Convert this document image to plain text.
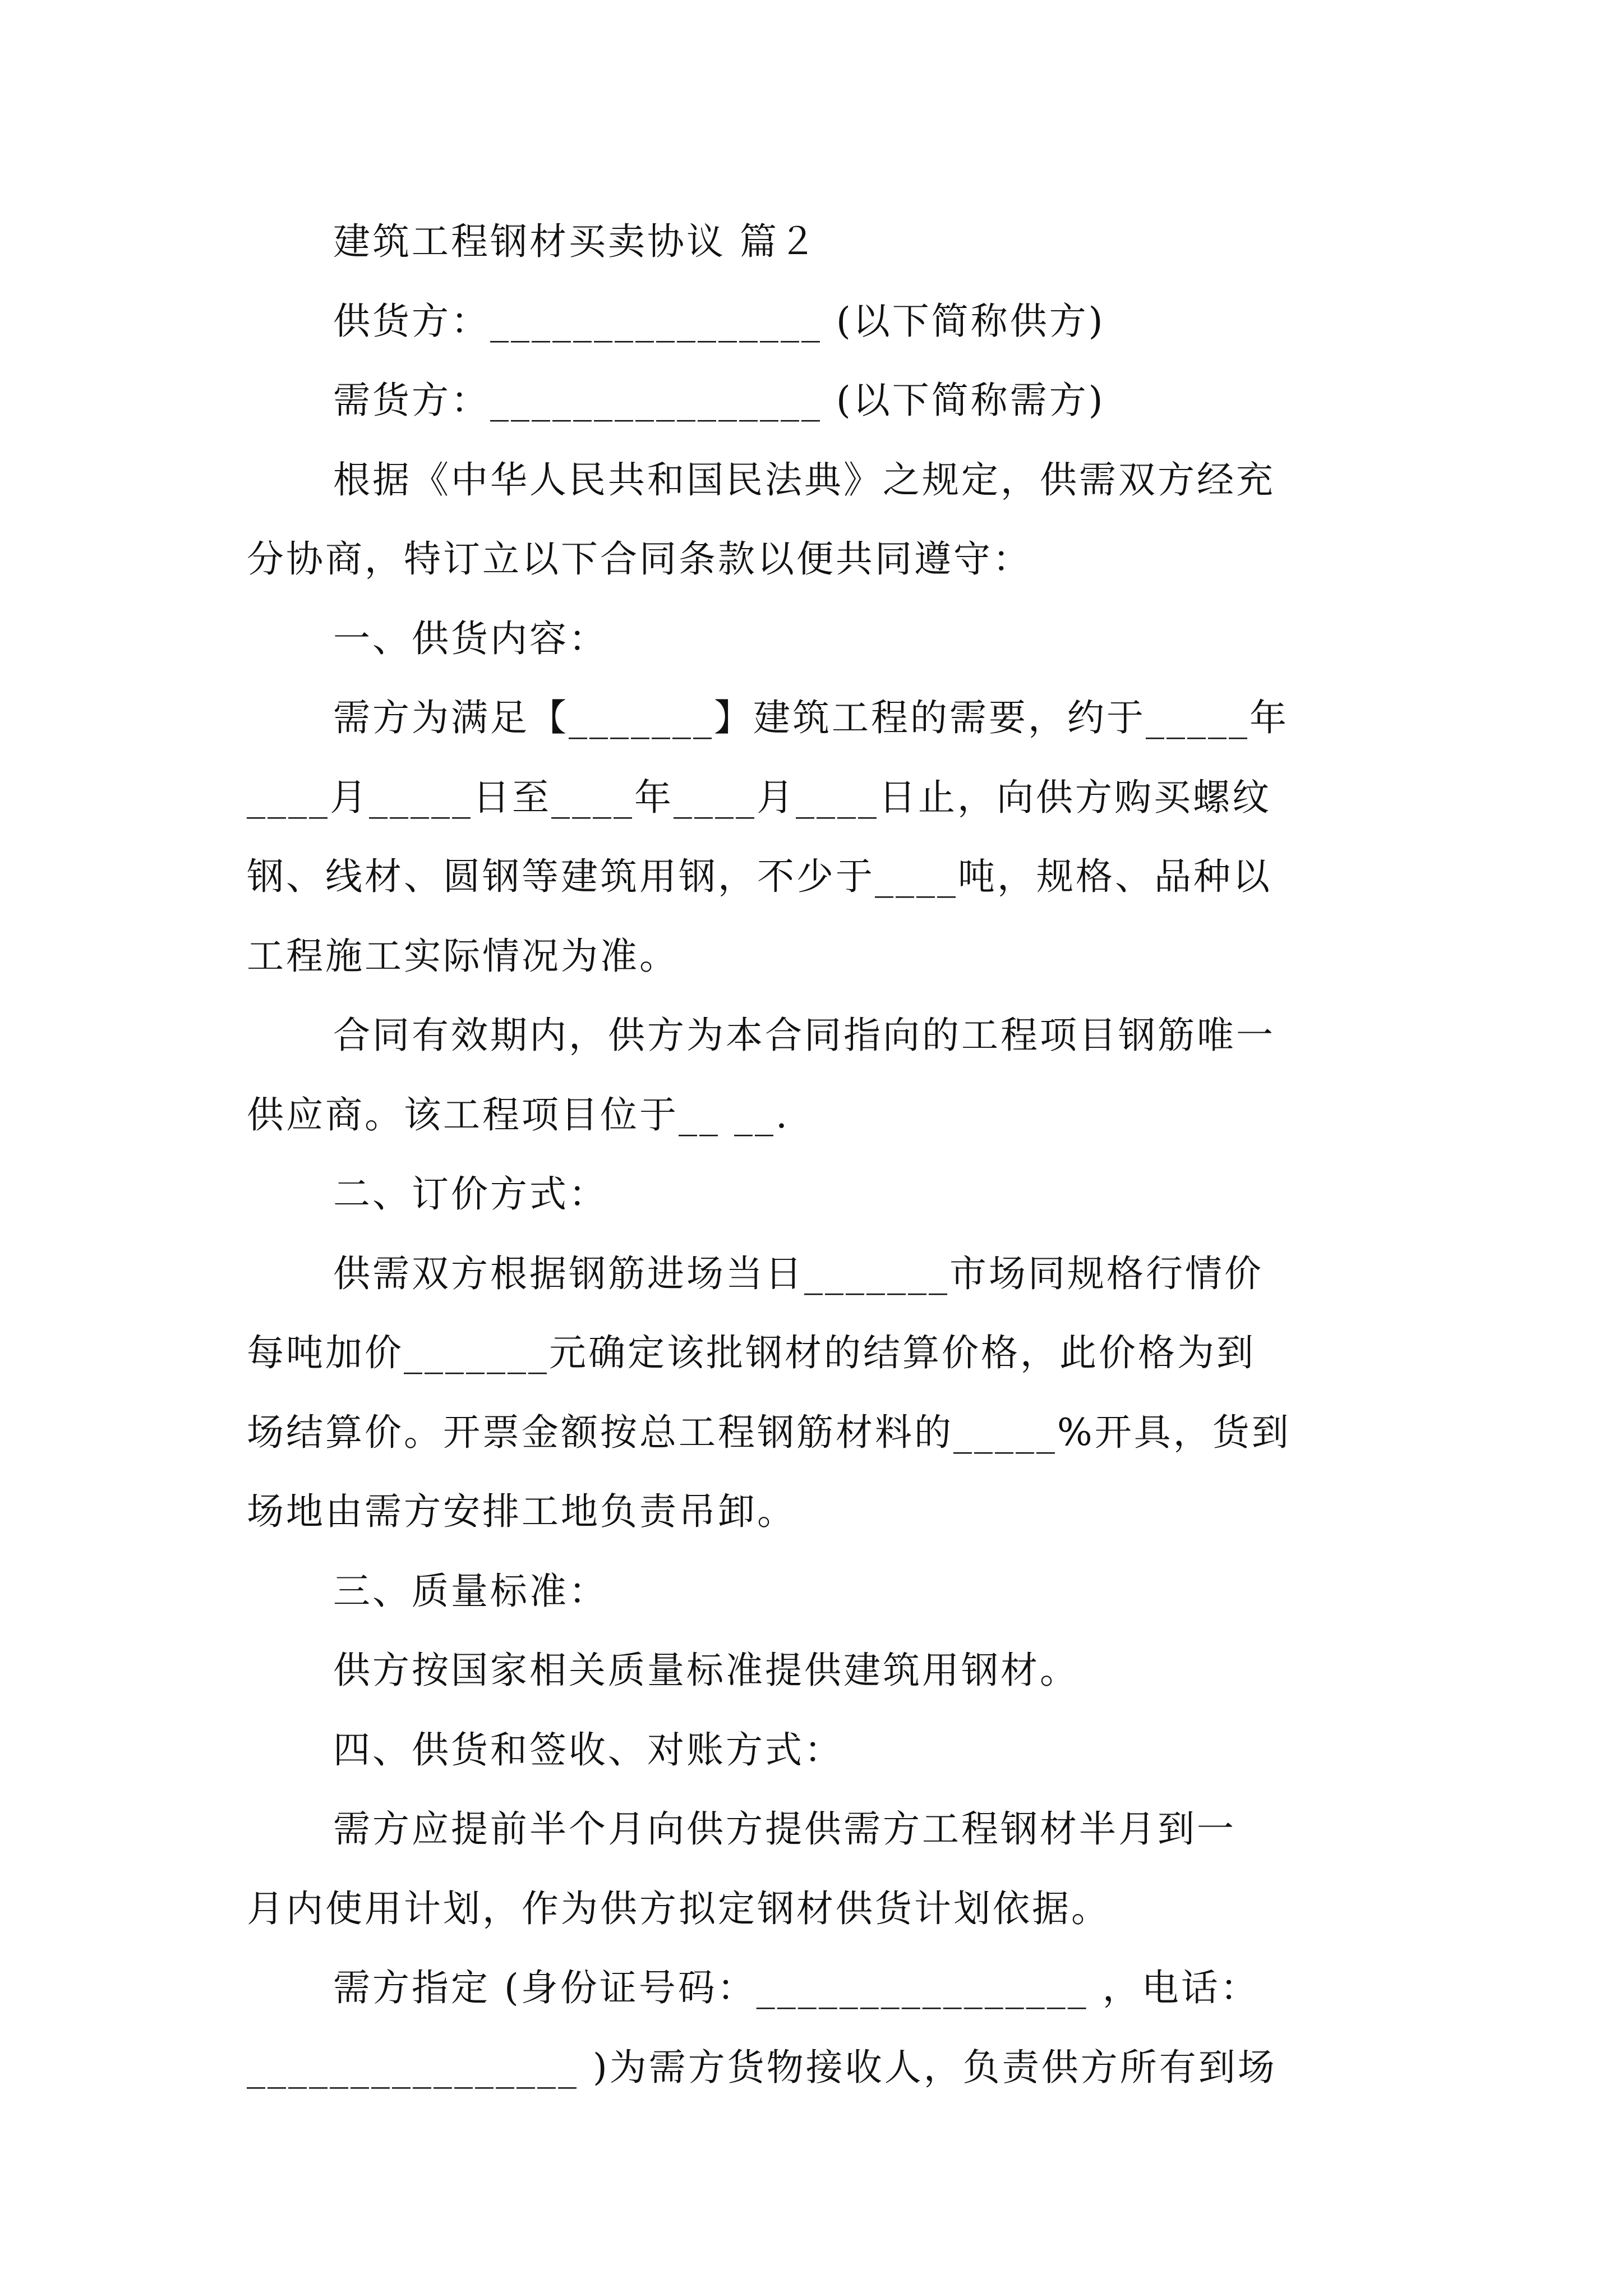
建筑工程钢材买卖协议 篇２
供货方：________________ (以下简称供方)
需货方：________________ (以下简称需方)
根据《中华人民共和国民法典》之规定，供需双方经充
分协商，特订立以下合同条款以便共同遵守：
一、供货内容：
需方为满足【_______】建筑工程的需要，约于_____年
____月_____日至____年____月____日止，向供方购买螺纹
钢、线材、圆钢等建筑用钢，不少于____吨，规格、品种以
工程施工实际情况为准。
合同有效期内，供方为本合同指向的工程项目钢筋唯一
供应商。该工程项目位于__ __.
二、订价方式：
供需双方根据钢筋进场当日_______市场同规格行情价
每吨加价_______元确定该批钢材的结算价格，此价格为到
场结算价。开票金额按总工程钢筋材料的_____%开具，货到
场地由需方安排工地负责吊卸。
三、质量标准：
供方按国家相关质量标准提供建筑用钢材。
四、供货和签收、对账方式：
需方应提前半个月向供方提供需方工程钢材半月到一
月内使用计划，作为供方拟定钢材供货计划依据。
需方指定 (身份证号码：________________ ，电话：
________________ )为需方货物接收人，负责供方所有到场
